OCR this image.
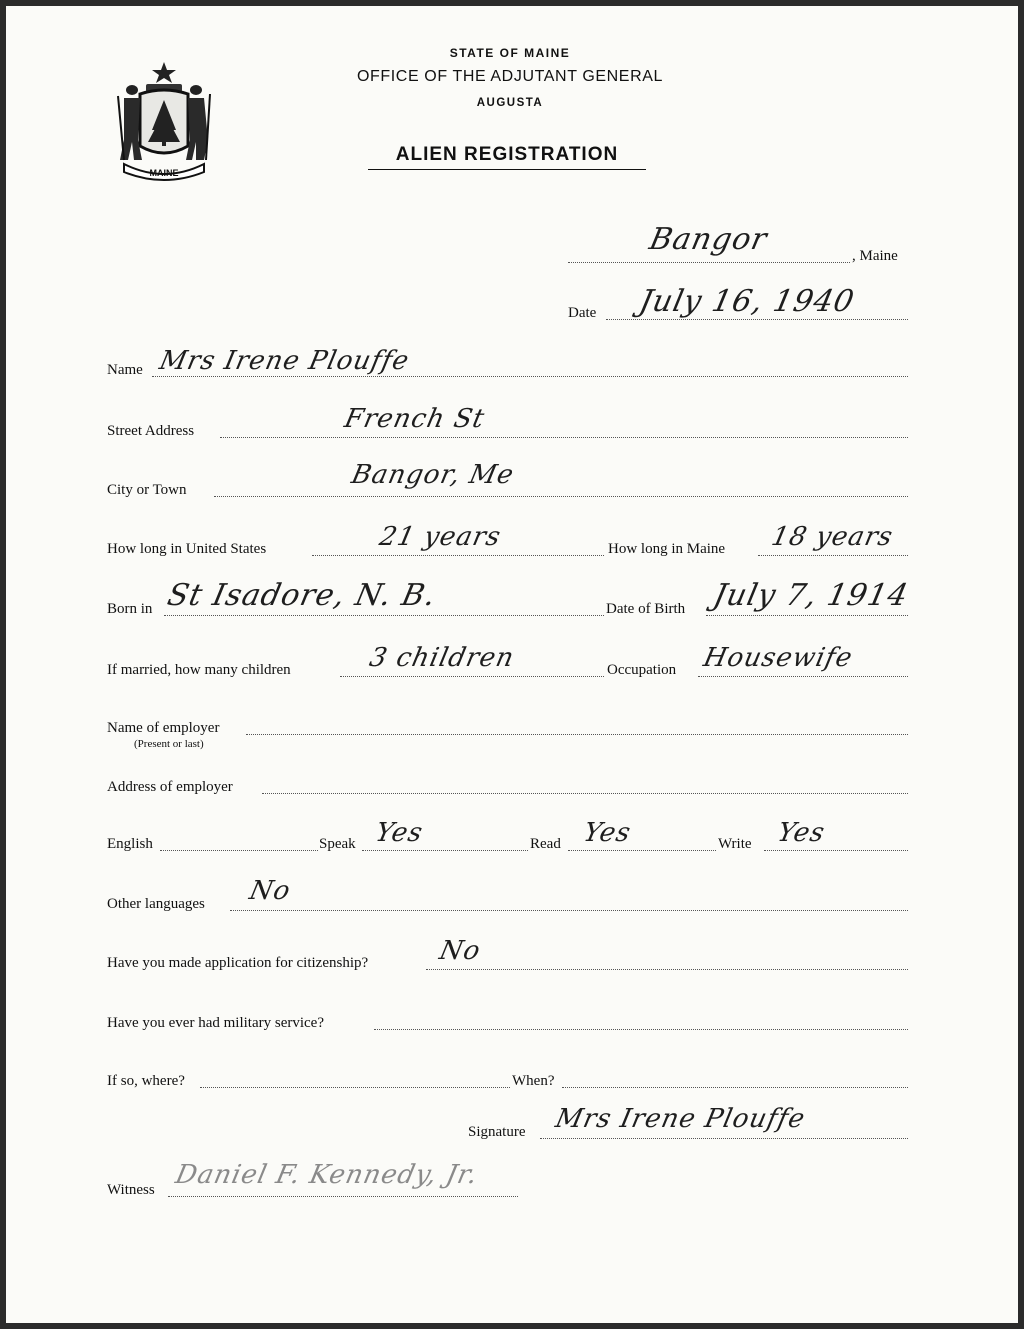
MAINE
STATE OF MAINE
OFFICE OF THE ADJUTANT GENERAL
AUGUSTA
ALIEN REGISTRATION
, Maine
Bangor
Date July 16, 1940
Name Mrs Irene Plouffe
Street Address	French St
City or Town	Bangor, Me
How long in United States	21 years	How long in Maine 18 years
Born in St Isadore, N. B.	Date of Birth July 7, 1914
If married, how many children	3 children	Occupation Housewife
Name of employer
(Present or last)
Address of employer
English	Speak Yes	Read Yes	Write Yes
Other languages No
Have you made application for citizenship?	No
Have you ever had military service?
If so, where?	When?
Signature Mrs Irene Plouffe
Witness Daniel F. Kennedy, Jr.
